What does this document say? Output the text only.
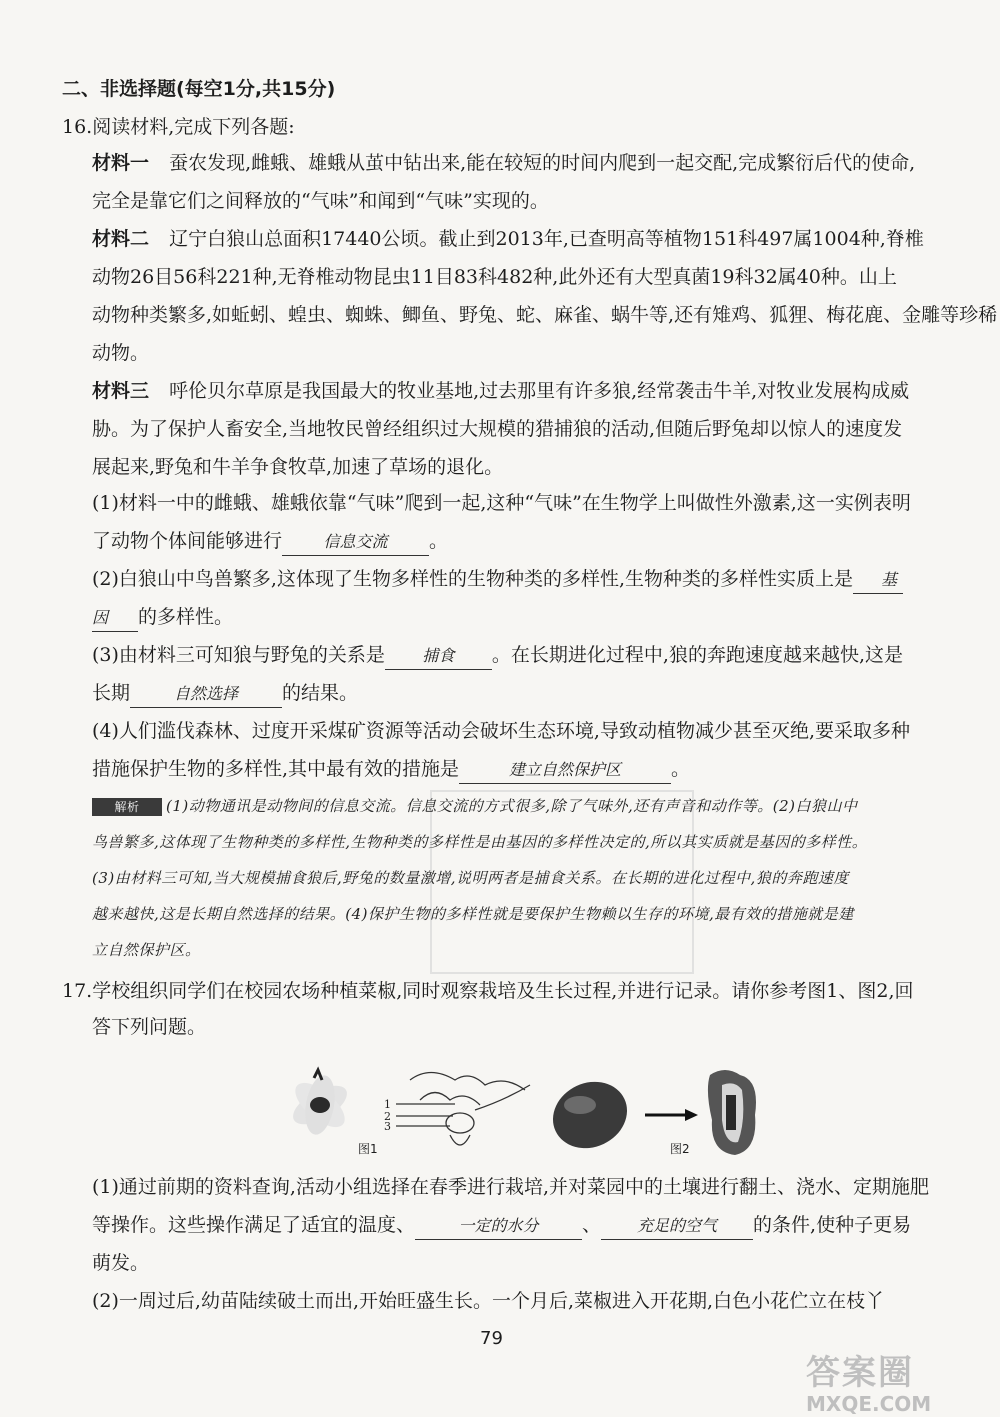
二、非选择题(每空1分,共15分)
16.阅读材料,完成下列各题:
材料一 蚕农发现,雌蛾、雄蛾从茧中钻出来,能在较短的时间内爬到一起交配,完成繁衍后代的使命,
完全是靠它们之间释放的“气味”和闻到“气味”实现的。
材料二 辽宁白狼山总面积17440公顷。截止到2013年,已查明高等植物151科497属1004种,脊椎
动物26目56科221种,无脊椎动物昆虫11目83科482种,此外还有大型真菌19科32属40种。山上
动物种类繁多,如蚯蚓、蝗虫、蜘蛛、鲫鱼、野兔、蛇、麻雀、蜗牛等,还有雉鸡、狐狸、梅花鹿、金雕等珍稀
动物。
材料三 呼伦贝尔草原是我国最大的牧业基地,过去那里有许多狼,经常袭击牛羊,对牧业发展构成威
胁。为了保护人畜安全,当地牧民曾经组织过大规模的猎捕狼的活动,但随后野兔却以惊人的速度发
展起来,野兔和牛羊争食牧草,加速了草场的退化。
(1)材料一中的雌蛾、雄蛾依靠“气味”爬到一起,这种“气味”在生物学上叫做性外激素,这一实例表明
了动物个体间能够进行	信息交流 。
(2)白狼山中鸟兽繁多,这体现了生物多样性的生物种类的多样性,生物种类的多样性实质上是 基
因 的多样性。
(3)由材料三可知狼与野兔的关系是 捕食 。在长期进化过程中,狼的奔跑速度越来越快,这是
长期	自然选择 的结果。
(4)人们滥伐森林、过度开采煤矿资源等活动会破坏生态环境,导致动植物减少甚至灭绝,要采取多种
措施保护生物的多样性,其中最有效的措施是	建立自然保护区	。
解析 (1)动物通讯是动物间的信息交流。信息交流的方式很多,除了气味外,还有声音和动作等。(2)白狼山中
鸟兽繁多,这体现了生物种类的多样性,生物种类的多样性是由基因的多样性决定的,所以其实质就是基因的多样性。
(3)由材料三可知,当大规模捕食狼后,野兔的数量激增,说明两者是捕食关系。在长期的进化过程中,狼的奔跑速度
越来越快,这是长期自然选择的结果。(4)保护生物的多样性就是要保护生物赖以生存的环境,最有效的措施就是建
立自然保护区。
17.学校组织同学们在校园农场种植菜椒,同时观察栽培及生长过程,并进行记录。请你参考图1、图2,回
答下列问题。
1
2
3
图1	图2
(1)通过前期的资料查询,活动小组选择在春季进行栽培,并对菜园中的土壤进行翻土、浇水、定期施肥
等操作。这些操作满足了适宜的温度、	一定的水分 、 充足的空气 的条件,使种子更易
萌发。
(2)一周过后,幼苗陆续破土而出,开始旺盛生长。一个月后,菜椒进入开花期,白色小花伫立在枝丫
79
答案圈
MXQE.COM
